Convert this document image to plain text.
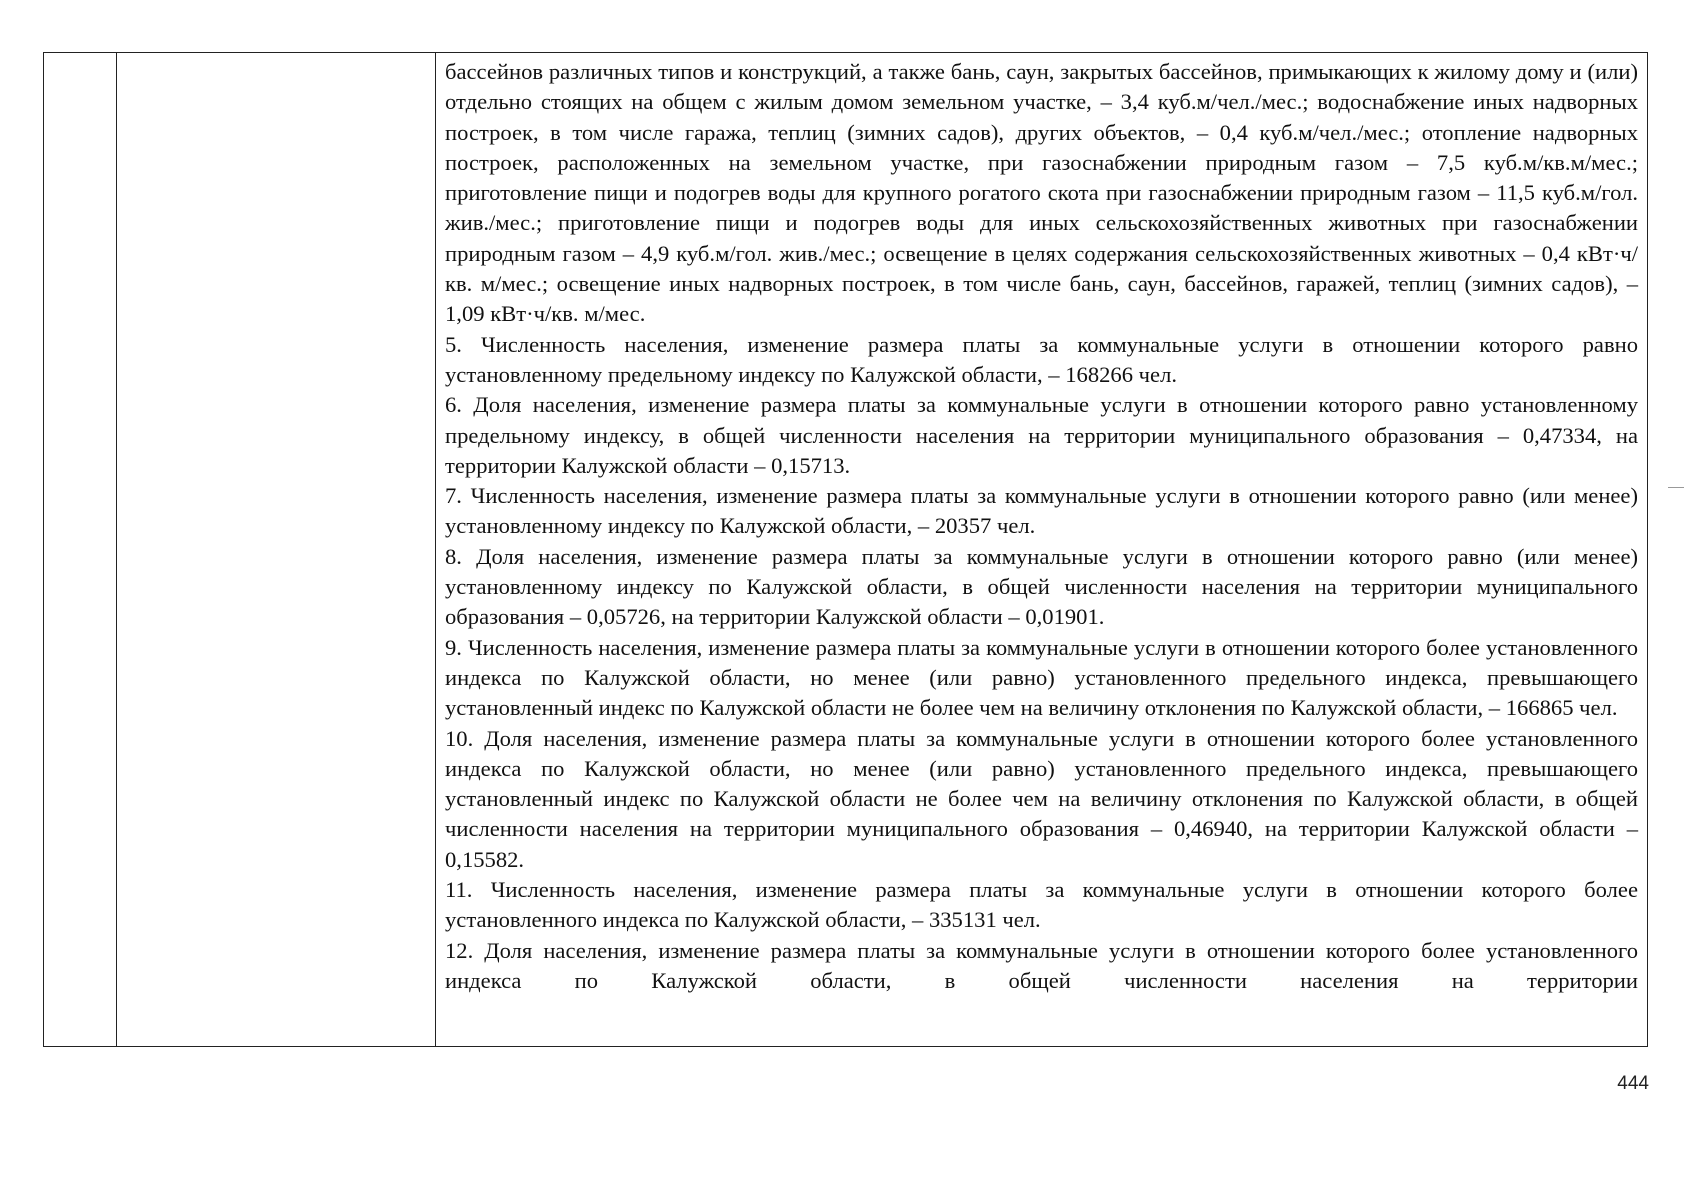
бассейнов различных типов и конструкций, а также бань, саун, закрытых бассейнов, примыкающих к жилому дому и (или) отдельно стоящих на общем с жилым домом земельном участке, – 3,4 куб.м/чел./мес.; водоснабжение иных надворных построек, в том числе гаража, теплиц (зимних садов), других объектов, – 0,4 куб.м/чел./мес.; отопление надворных построек, расположенных на земельном участке, при газоснабжении природным газом – 7,5 куб.м/кв.м/мес.; приготовление пищи и подогрев воды для крупного рогатого скота при газоснабжении природным газом – 11,5 куб.м/гол. жив./мес.; приготовление пищи и подогрев воды для иных сельскохозяйственных животных при газоснабжении природным газом – 4,9 куб.м/гол. жив./мес.; освещение в целях содержания сельскохозяйственных животных – 0,4 кВт·ч/кв. м/мес.; освещение иных надворных построек, в том числе бань, саун, бассейнов, гаражей, теплиц (зимних садов), – 1,09 кВт·ч/кв. м/мес.

5. Численность населения, изменение размера платы за коммунальные услуги в отношении которого равно установленному предельному индексу по Калужской области, – 168266 чел.

6. Доля населения, изменение размера платы за коммунальные услуги в отношении которого равно установленному предельному индексу, в общей численности населения на территории муниципального образования – 0,47334, на территории Калужской области – 0,15713.

7. Численность населения, изменение размера платы за коммунальные услуги в отношении которого равно (или менее) установленному индексу по Калужской области, – 20357 чел.

8. Доля населения, изменение размера платы за коммунальные услуги в отношении которого равно (или менее) установленному индексу по Калужской области, в общей численности населения на территории муниципального образования – 0,05726, на территории Калужской области – 0,01901.

9. Численность населения, изменение размера платы за коммунальные услуги в отношении которого более установленного индекса по Калужской области, но менее (или равно) установленного предельного индекса, превышающего установленный индекс по Калужской области не более чем на величину отклонения по Калужской области, – 166865 чел.

10. Доля населения, изменение размера платы за коммунальные услуги в отношении которого более установленного индекса по Калужской области, но менее (или равно) установленного предельного индекса, превышающего установленный индекс по Калужской области не более чем на величину отклонения по Калужской области, в общей численности населения на территории муниципального образования – 0,46940, на территории Калужской области – 0,15582.

11. Численность населения, изменение размера платы за коммунальные услуги в отношении которого более установленного индекса по Калужской области, – 335131 чел.

12. Доля населения, изменение размера платы за коммунальные услуги в отношении которого более установленного индекса по Калужской области, в общей численности населения на территории

444
